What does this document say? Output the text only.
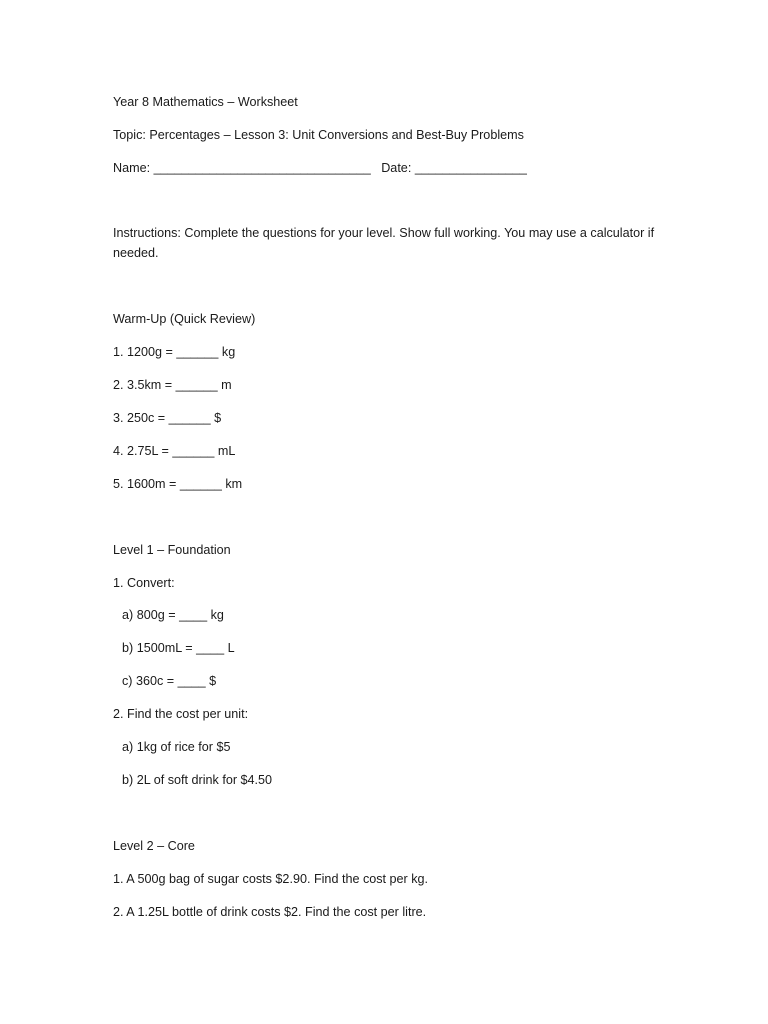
Year 8 Mathematics – Worksheet

Topic: Percentages – Lesson 3: Unit Conversions and Best-Buy Problems

Name: _______________________________   Date: ________________

Instructions: Complete the questions for your level. Show full working. You may use a calculator if needed.

Warm-Up (Quick Review)

1. 1200g = ______ kg

2. 3.5km = ______ m

3. 250c = ______ $

4. 2.75L = ______ mL

5. 1600m = ______ km

Level 1 – Foundation

1. Convert:

a) 800g = ____ kg

b) 1500mL = ____ L

c) 360c = ____ $

2. Find the cost per unit:

a) 1kg of rice for $5

b) 2L of soft drink for $4.50

Level 2 – Core

1. A 500g bag of sugar costs $2.90. Find the cost per kg.

2. A 1.25L bottle of drink costs $2. Find the cost per litre.
